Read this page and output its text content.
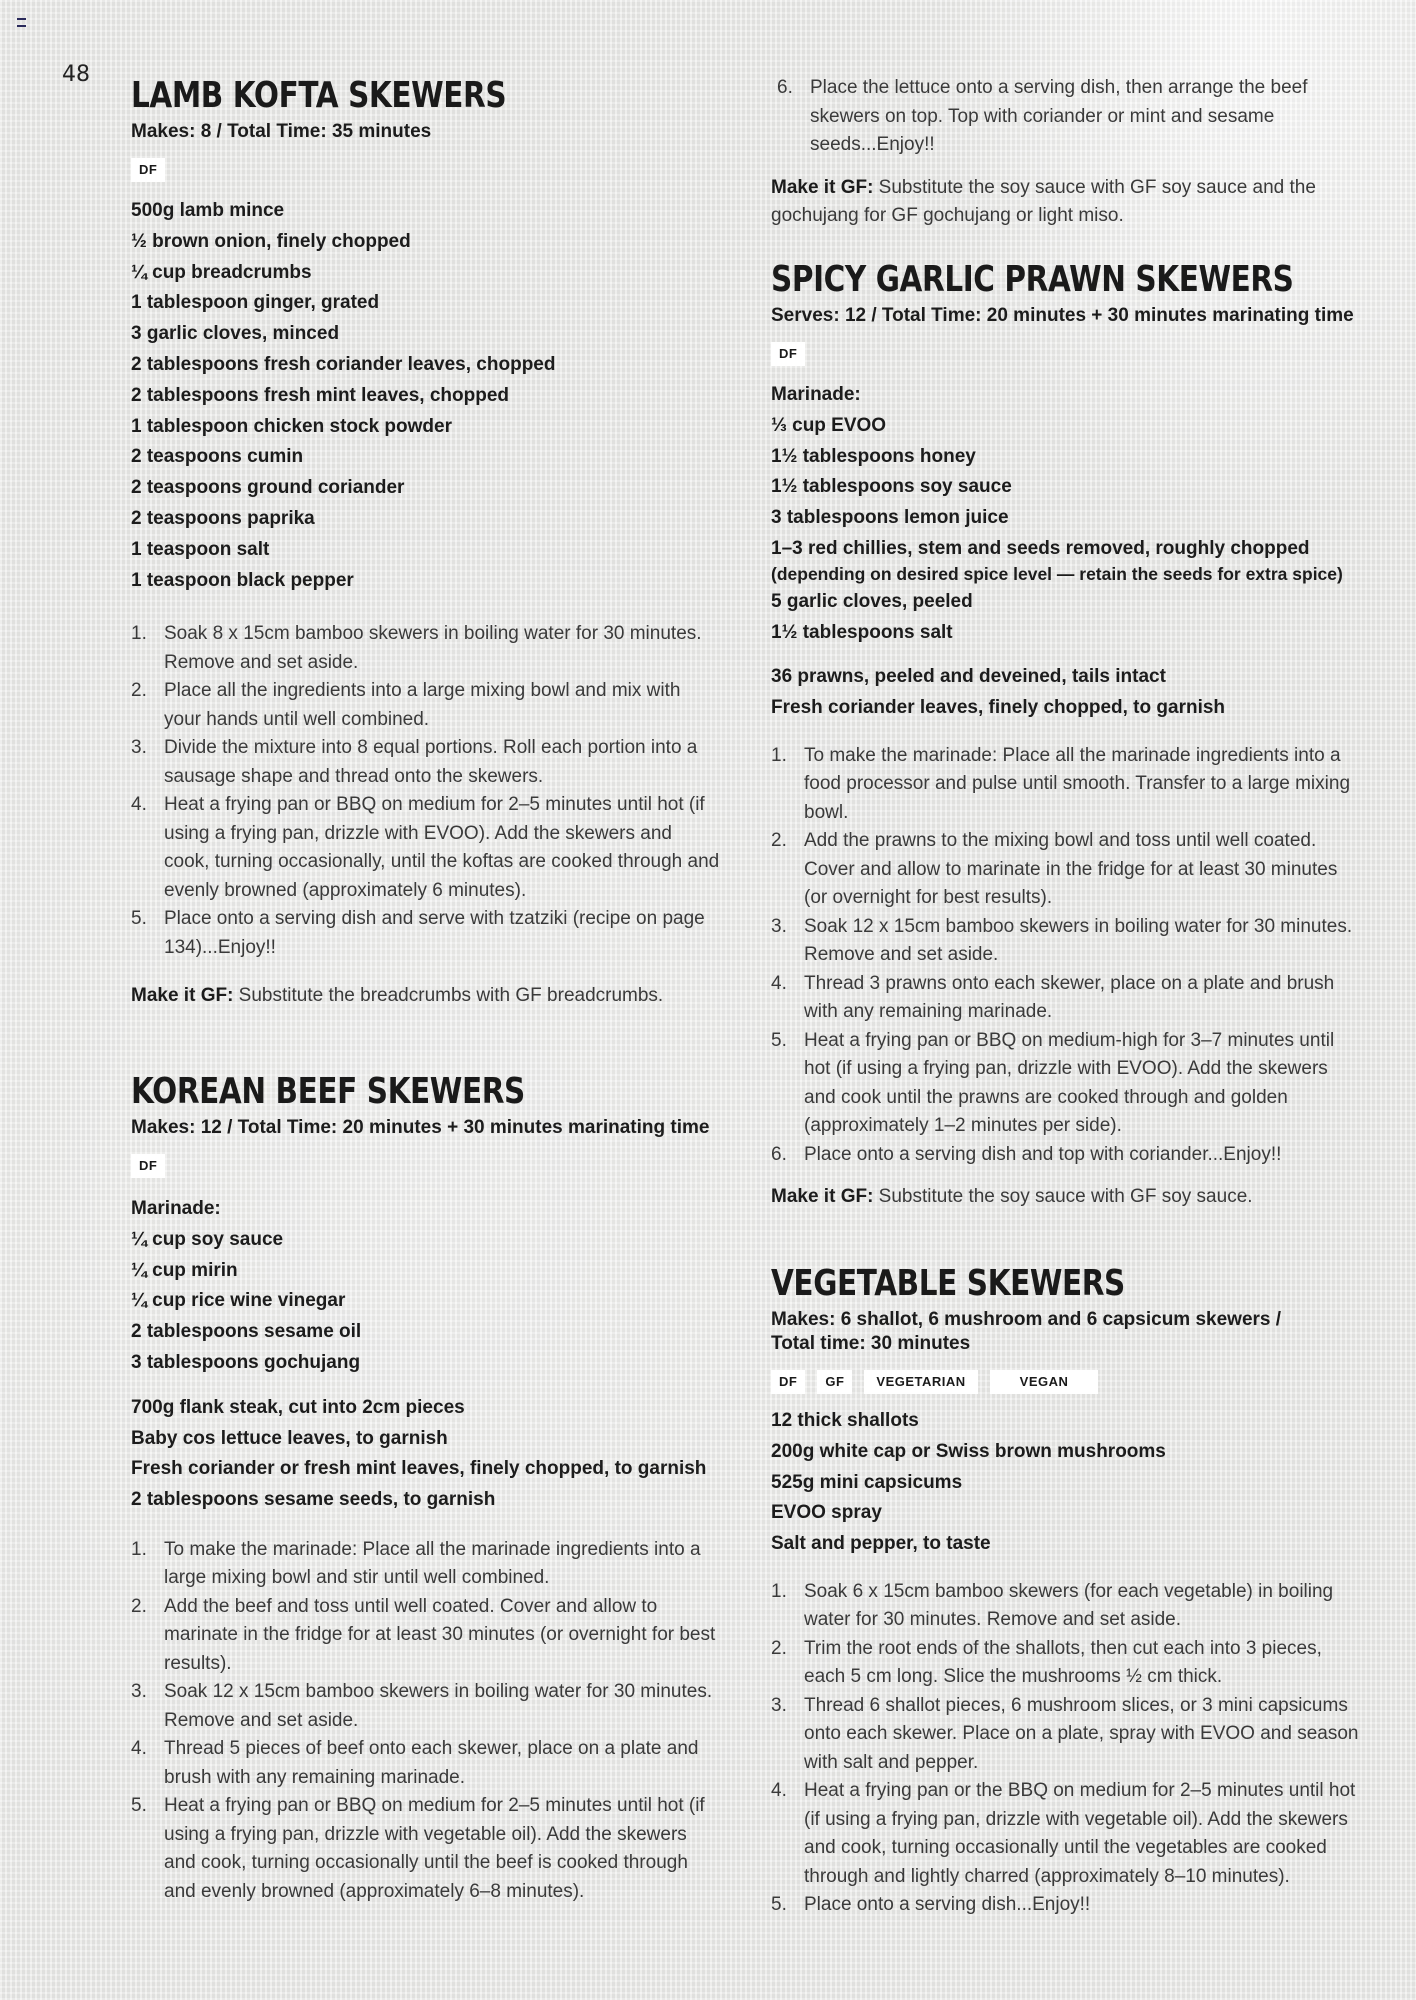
48
LAMB KOFTA SKEWERS

Makes: 8 / Total Time: 35 minutes

DF
500g lamb mince
½ brown onion, finely chopped
¼ cup breadcrumbs
1 tablespoon ginger, grated
3 garlic cloves, minced
2 tablespoons fresh coriander leaves, chopped
2 tablespoons fresh mint leaves, chopped
1 tablespoon chicken stock powder
2 teaspoons cumin
2 teaspoons ground coriander
2 teaspoons paprika
1 teaspoon salt
1 teaspoon black pepper
1. Soak 8 x 15cm bamboo skewers in boiling water for 30 minutes. Remove and set aside.
2. Place all the ingredients into a large mixing bowl and mix with your hands until well combined.
3. Divide the mixture into 8 equal portions. Roll each portion into a sausage shape and thread onto the skewers.
4. Heat a frying pan or BBQ on medium for 2–5 minutes until hot (if using a frying pan, drizzle with EVOO). Add the skewers and cook, turning occasionally, until the koftas are cooked through and evenly browned (approximately 6 minutes).
5. Place onto a serving dish and serve with tzatziki (recipe on page 134)...Enjoy!!

Make it GF: Substitute the breadcrumbs with GF breadcrumbs.

KOREAN BEEF SKEWERS

Makes: 12 / Total Time: 20 minutes + 30 minutes marinating time

DF
Marinade:
¼ cup soy sauce
¼ cup mirin
¼ cup rice wine vinegar
2 tablespoons sesame oil
3 tablespoons gochujang
700g flank steak, cut into 2cm pieces
Baby cos lettuce leaves, to garnish
Fresh coriander or fresh mint leaves, finely chopped, to garnish
2 tablespoons sesame seeds, to garnish
1. To make the marinade: Place all the marinade ingredients into a large mixing bowl and stir until well combined.
2. Add the beef and toss until well coated. Cover and allow to marinate in the fridge for at least 30 minutes (or overnight for best results).
3. Soak 12 x 15cm bamboo skewers in boiling water for 30 minutes. Remove and set aside.
4. Thread 5 pieces of beef onto each skewer, place on a plate and brush with any remaining marinade.
5. Heat a frying pan or BBQ on medium for 2–5 minutes until hot (if using a frying pan, drizzle with vegetable oil). Add the skewers and cook, turning occasionally until the beef is cooked through and evenly browned (approximately 6–8 minutes).
6. Place the lettuce onto a serving dish, then arrange the beef skewers on top. Top with coriander or mint and sesame seeds...Enjoy!!

Make it GF: Substitute the soy sauce with GF soy sauce and the gochujang for GF gochujang or light miso.

SPICY GARLIC PRAWN SKEWERS

Serves: 12 / Total Time: 20 minutes + 30 minutes marinating time

DF
Marinade:
⅓ cup EVOO
1½ tablespoons honey
1½ tablespoons soy sauce
3 tablespoons lemon juice
1–3 red chillies, stem and seeds removed, roughly chopped
(depending on desired spice level — retain the seeds for extra spice)
5 garlic cloves, peeled
1½ tablespoons salt
36 prawns, peeled and deveined, tails intact
Fresh coriander leaves, finely chopped, to garnish
1. To make the marinade: Place all the marinade ingredients into a food processor and pulse until smooth. Transfer to a large mixing bowl.
2. Add the prawns to the mixing bowl and toss until well coated. Cover and allow to marinate in the fridge for at least 30 minutes (or overnight for best results).
3. Soak 12 x 15cm bamboo skewers in boiling water for 30 minutes. Remove and set aside.
4. Thread 3 prawns onto each skewer, place on a plate and brush with any remaining marinade.
5. Heat a frying pan or BBQ on medium-high for 3–7 minutes until hot (if using a frying pan, drizzle with EVOO). Add the skewers and cook until the prawns are cooked through and golden (approximately 1–2 minutes per side).
6. Place onto a serving dish and top with coriander...Enjoy!!

Make it GF: Substitute the soy sauce with GF soy sauce.

VEGETABLE SKEWERS

Makes: 6 shallot, 6 mushroom and 6 capsicum skewers /
Total time: 30 minutes

DF	GF	VEGETARIAN	VEGAN
12 thick shallots
200g white cap or Swiss brown mushrooms
525g mini capsicums
EVOO spray
Salt and pepper, to taste
1. Soak 6 x 15cm bamboo skewers (for each vegetable) in boiling water for 30 minutes. Remove and set aside.
2. Trim the root ends of the shallots, then cut each into 3 pieces, each 5 cm long. Slice the mushrooms ½ cm thick.
3. Thread 6 shallot pieces, 6 mushroom slices, or 3 mini capsicums onto each skewer. Place on a plate, spray with EVOO and season with salt and pepper.
4. Heat a frying pan or the BBQ on medium for 2–5 minutes until hot (if using a frying pan, drizzle with vegetable oil). Add the skewers and cook, turning occasionally until the vegetables are cooked through and lightly charred (approximately 8–10 minutes).
5. Place onto a serving dish...Enjoy!!
